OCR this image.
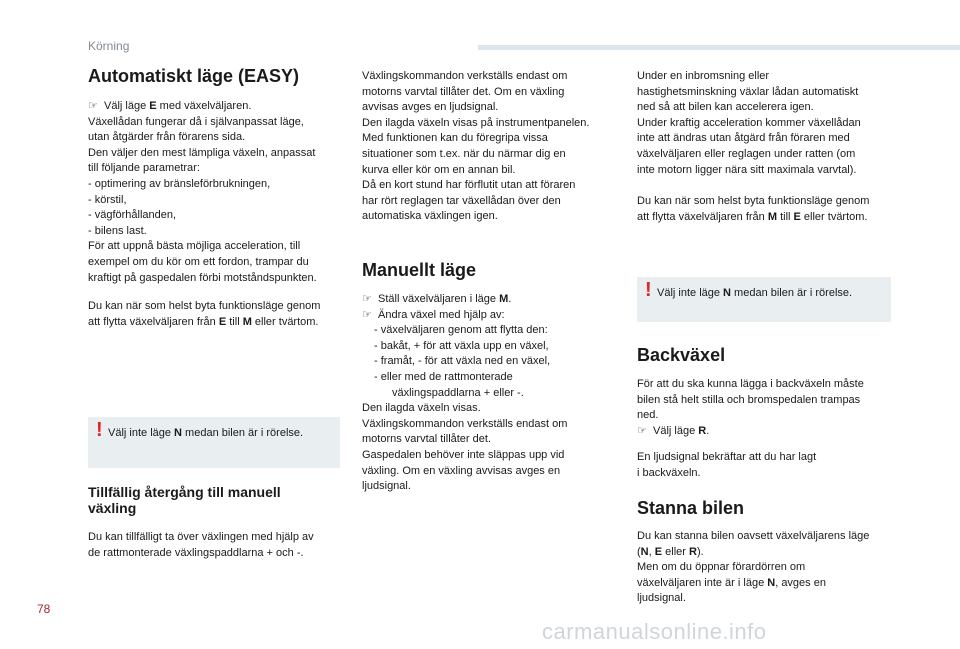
Körning
Automatiskt läge (EASY)

☞ Välj läge E med växelväljaren.
Växellådan fungerar då i självanpassat läge,
utan åtgärder från förarens sida.
Den väljer den mest lämpliga växeln, anpassat
till följande parametrar:
- optimering av bränsleförbrukningen,
- körstil,
- vägförhållanden,
- bilens last.
För att uppnå bästa möjliga acceleration, till
exempel om du kör om ett fordon, trampar du
kraftigt på gaspedalen förbi motståndspunkten.

Du kan när som helst byta funktionsläge genom
att flytta växelväljaren från E till M eller tvärtom.

! Välj inte läge N medan bilen är i rörelse.
Tillfällig återgång till manuell
växling

Du kan tillfälligt ta över växlingen med hjälp av
de rattmonterade växlingspaddlarna + och -.

Växlingskommandon verkställs endast om
motorns varvtal tillåter det. Om en växling
avvisas avges en ljudsignal.
Den ilagda växeln visas på instrumentpanelen.
Med funktionen kan du föregripa vissa
situationer som t.ex. när du närmar dig en
kurva eller kör om en annan bil.
Då en kort stund har förflutit utan att föraren
har rört reglagen tar växellådan över den
automatiska växlingen igen.

Manuellt läge

☞ Ställ växelväljaren i läge M.
☞ Ändra växel med hjälp av:
- växelväljaren genom att flytta den:
- bakåt, + för att växla upp en växel,
- framåt, - för att växla ned en växel,
- eller med de rattmonterade
växlingspaddlarna + eller -.
Den ilagda växeln visas.
Växlingskommandon verkställs endast om
motorns varvtal tillåter det.
Gaspedalen behöver inte släppas upp vid
växling. Om en växling avvisas avges en
ljudsignal.

Under en inbromsning eller
hastighetsminskning växlar lådan automatiskt
ned så att bilen kan accelerera igen.
Under kraftig acceleration kommer växellådan
inte att ändras utan åtgärd från föraren med
växelväljaren eller reglagen under ratten (om
inte motorn ligger nära sitt maximala varvtal).

Du kan när som helst byta funktionsläge genom
att flytta växelväljaren från M till E eller tvärtom.

! Välj inte läge N medan bilen är i rörelse.
Backväxel

För att du ska kunna lägga i backväxeln måste
bilen stå helt stilla och bromspedalen trampas
ned.
☞ Välj läge R.

En ljudsignal bekräftar att du har lagt
i backväxeln.

Stanna bilen

Du kan stanna bilen oavsett växelväljarens läge
(N, E eller R).
Men om du öppnar förardörren om
växelväljaren inte är i läge N, avges en
ljudsignal.

78
carmanualsonline.info
